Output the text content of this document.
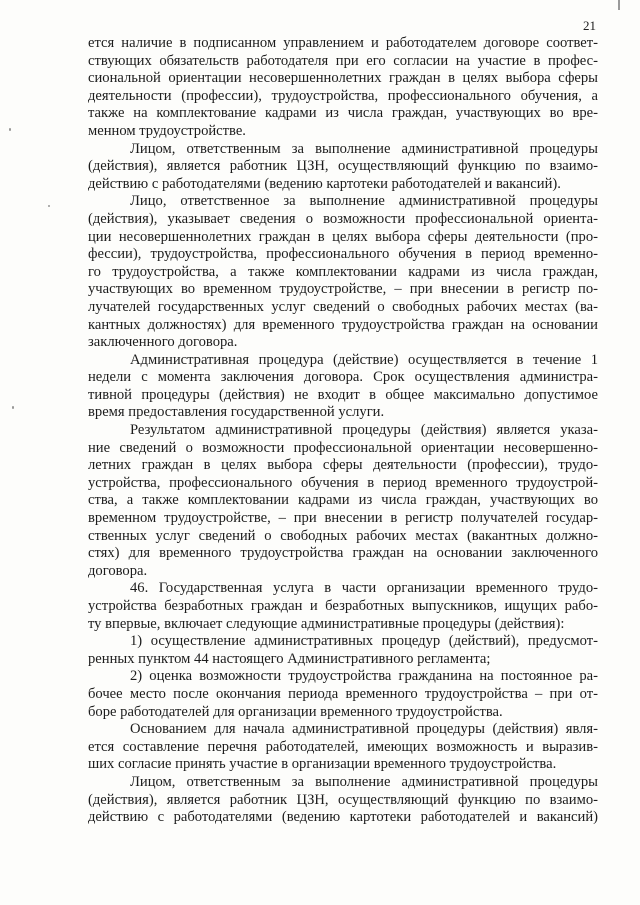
21
ется наличие в подписанном управлением и работодателем договоре соответ-
ствующих обязательств работодателя при его согласии на участие в профес-
сиональной ориентации несовершеннолетних граждан в целях выбора сферы
деятельности (профессии), трудоустройства, профессионального обучения, а
также на комплектование кадрами из числа граждан, участвующих во вре-
менном трудоустройстве.
Лицом, ответственным за выполнение административной процедуры
(действия), является работник ЦЗН, осуществляющий функцию по взаимо-
действию с работодателями (ведению картотеки работодателей и вакансий).
Лицо, ответственное за выполнение административной процедуры
(действия), указывает сведения о возможности профессиональной ориента-
ции несовершеннолетних граждан в целях выбора сферы деятельности (про-
фессии), трудоустройства, профессионального обучения в период временно-
го трудоустройства, а также комплектовании кадрами из числа граждан,
участвующих во временном трудоустройстве, – при внесении в регистр по-
лучателей государственных услуг сведений о свободных рабочих местах (ва-
кантных должностях) для временного трудоустройства граждан на основании
заключенного договора.
Административная процедура (действие) осуществляется в течение 1
недели с момента заключения договора. Срок осуществления администра-
тивной процедуры (действия) не входит в общее максимально допустимое
время предоставления государственной услуги.
Результатом административной процедуры (действия) является указа-
ние сведений о возможности профессиональной ориентации несовершенно-
летних граждан в целях выбора сферы деятельности (профессии), трудо-
устройства, профессионального обучения в период временного трудоустрой-
ства, а также комплектовании кадрами из числа граждан, участвующих во
временном трудоустройстве, – при внесении в регистр получателей государ-
ственных услуг сведений о свободных рабочих местах (вакантных должно-
стях) для временного трудоустройства граждан на основании заключенного
договора.
46. Государственная услуга в части организации временного трудо-
устройства безработных граждан и безработных выпускников, ищущих рабо-
ту впервые, включает следующие административные процедуры (действия):
1) осуществление административных процедур (действий), предусмот-
ренных пунктом 44 настоящего Административного регламента;
2) оценка возможности трудоустройства гражданина на постоянное ра-
бочее место после окончания периода временного трудоустройства – при от-
боре работодателей для организации временного трудоустройства.
Основанием для начала административной процедуры (действия) явля-
ется составление перечня работодателей, имеющих возможность и выразив-
ших согласие принять участие в организации временного трудоустройства.
Лицом, ответственным за выполнение административной процедуры
(действия), является работник ЦЗН, осуществляющий функцию по взаимо-
действию с работодателями (ведению картотеки работодателей и вакансий)
